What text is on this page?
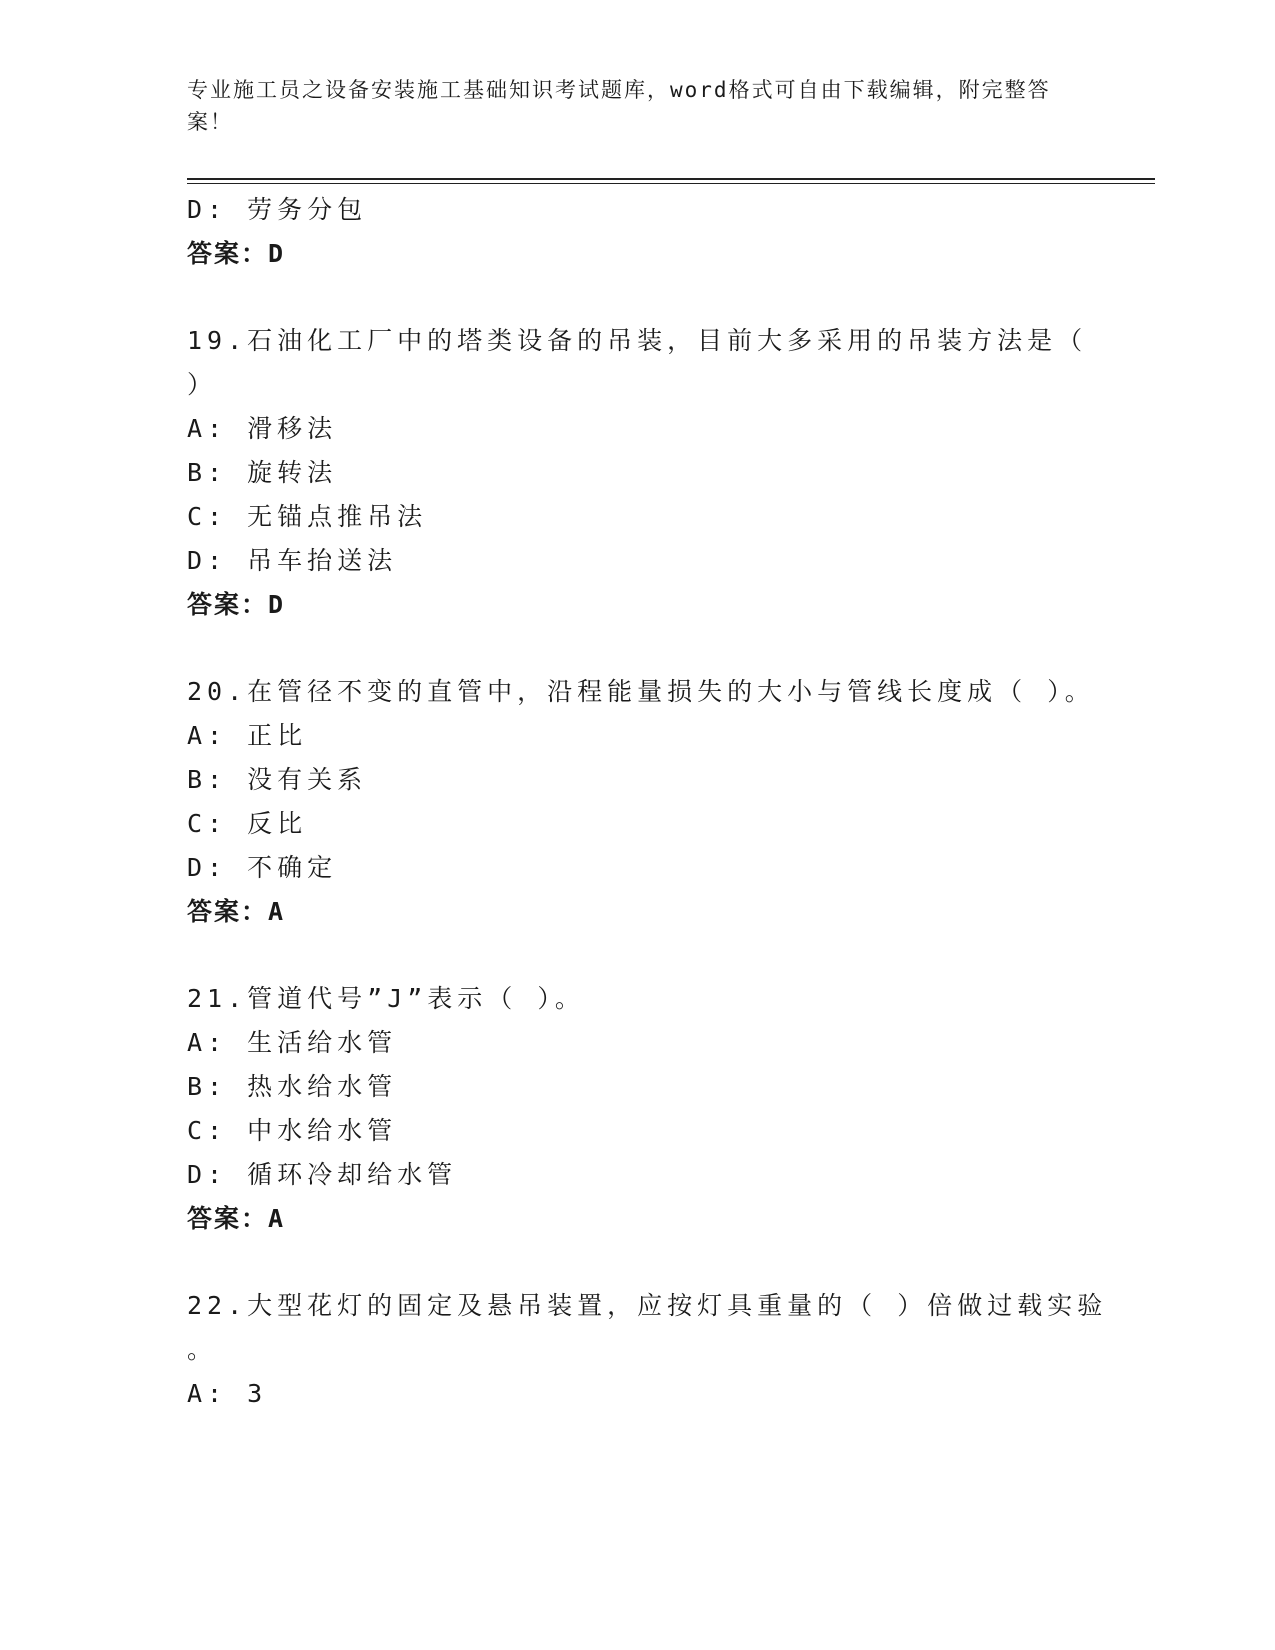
专业施工员之设备安装施工基础知识考试题库，word格式可自由下载编辑，附完整答案！
D: 劳务分包
答案：D
19.石油化工厂中的塔类设备的吊装，目前大多采用的吊装方法是（
）
A: 滑移法
B: 旋转法
C: 无锚点推吊法
D: 吊车抬送法
答案：D
20.在管径不变的直管中，沿程能量损失的大小与管线长度成（ ）。
A: 正比
B: 没有关系
C: 反比
D: 不确定
答案：A
21.管道代号”J”表示（ ）。
A: 生活给水管
B: 热水给水管
C: 中水给水管
D: 循环冷却给水管
答案：A
22.大型花灯的固定及悬吊装置，应按灯具重量的（ ）倍做过载实验
。
A: 3
